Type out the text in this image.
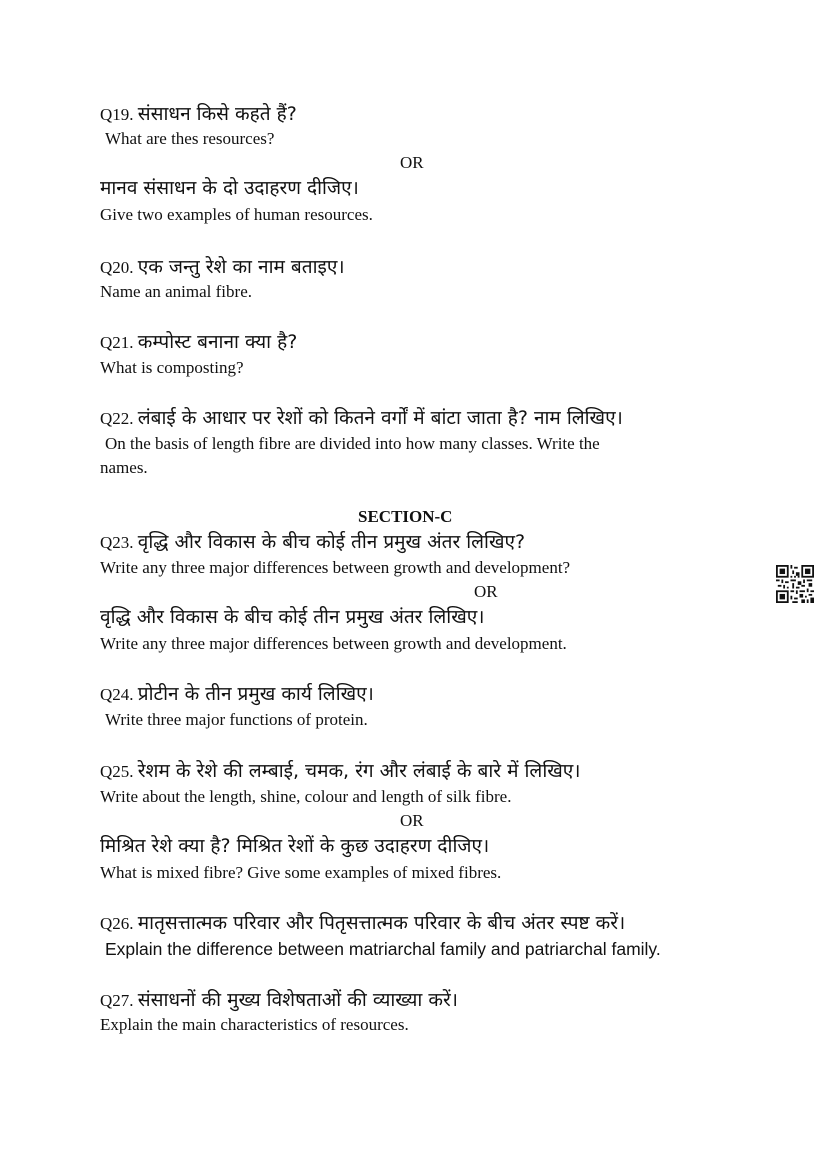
Q19. संसाधन किसे कहते हैं?
What are thes resources?
OR
मानव संसाधन के दो उदाहरण दीजिए।
Give two examples of human resources.
Q20. एक जन्तु रेशे का नाम बताइए।
Name an animal fibre.
Q21. कम्पोस्ट बनाना क्या है?
What is composting?
Q22. लंबाई के आधार पर रेशों को कितने वर्गों में बांटा जाता है? नाम लिखिए।
On the basis of length fibre are divided into how many classes. Write the
names.
SECTION-C
Q23. वृद्धि और विकास के बीच कोई तीन प्रमुख अंतर लिखिए?
Write any three major differences between growth and development?
OR
वृद्धि और विकास के बीच कोई तीन प्रमुख अंतर लिखिए।
Write any three major differences between growth and development.
Q24. प्रोटीन के तीन प्रमुख कार्य लिखिए।
Write three major functions of protein.
Q25. रेशम के रेशे की लम्बाई, चमक, रंग और लंबाई के बारे में लिखिए।
Write about the length, shine, colour and length of silk fibre.
OR
मिश्रित रेशे क्या है? मिश्रित रेशों के कुछ उदाहरण दीजिए।
What is mixed fibre? Give some examples of mixed fibres.
Q26. मातृसत्तात्मक परिवार और पितृसत्तात्मक परिवार के बीच अंतर स्पष्ट करें।
Explain the difference between matriarchal family and patriarchal family.
Q27. संसाधनों की मुख्य विशेषताओं की व्याख्या करें।
Explain the main characteristics of resources.
